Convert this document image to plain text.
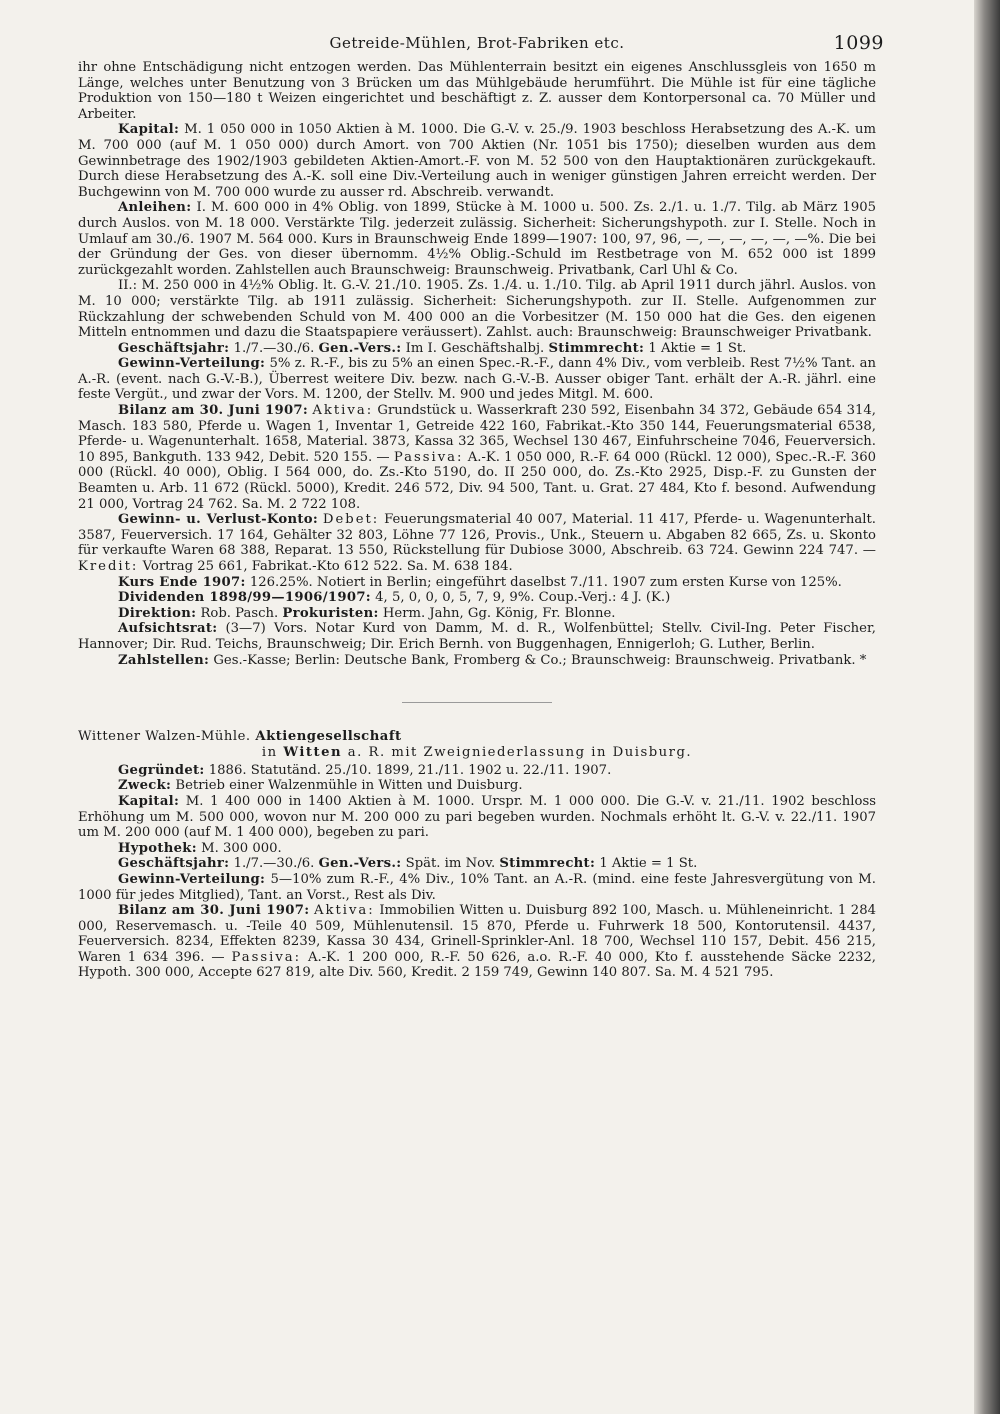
Getreide-Mühlen, Brot-Fabriken etc.	1099

ihr ohne Entschädigung nicht entzogen werden. Das Mühlenterrain besitzt ein eigenes Anschlussgleis von 1650 m Länge, welches unter Benutzung von 3 Brücken um das Mühlgebäude herumführt. Die Mühle ist für eine tägliche Produktion von 150—180 t Weizen eingerichtet und beschäftigt z. Z. ausser dem Kontorpersonal ca. 70 Müller und Arbeiter.

Kapital: M. 1 050 000 in 1050 Aktien à M. 1000. Die G.-V. v. 25./9. 1903 beschloss Herabsetzung des A.-K. um M. 700 000 (auf M. 1 050 000) durch Amort. von 700 Aktien (Nr. 1051 bis 1750); dieselben wurden aus dem Gewinnbetrage des 1902/1903 gebildeten Aktien-Amort.-F. von M. 52 500 von den Hauptaktionären zurückgekauft. Durch diese Herabsetzung des A.-K. soll eine Div.-Verteilung auch in weniger günstigen Jahren erreicht werden. Der Buchgewinn von M. 700 000 wurde zu ausser rd. Abschreib. verwandt.

Anleihen: I. M. 600 000 in 4% Oblig. von 1899, Stücke à M. 1000 u. 500. Zs. 2./1. u. 1./7. Tilg. ab März 1905 durch Auslos. von M. 18 000. Verstärkte Tilg. jederzeit zulässig. Sicherheit: Sicherungshypoth. zur I. Stelle. Noch in Umlauf am 30./6. 1907 M. 564 000. Kurs in Braunschweig Ende 1899—1907: 100, 97, 96, —, —, —, —, —, —%. Die bei der Gründung der Ges. von dieser übernomm. 4½% Oblig.-Schuld im Restbetrage von M. 652 000 ist 1899 zurückgezahlt worden. Zahlstellen auch Braunschweig: Braunschweig. Privatbank, Carl Uhl & Co.

II.: M. 250 000 in 4½% Oblig. lt. G.-V. 21./10. 1905. Zs. 1./4. u. 1./10. Tilg. ab April 1911 durch jährl. Auslos. von M. 10 000; verstärkte Tilg. ab 1911 zulässig. Sicherheit: Sicherungshypoth. zur II. Stelle. Aufgenommen zur Rückzahlung der schwebenden Schuld von M. 400 000 an die Vorbesitzer (M. 150 000 hat die Ges. den eigenen Mitteln entnommen und dazu die Staatspapiere veräussert). Zahlst. auch: Braunschweig: Braunschweiger Privatbank.

Geschäftsjahr: 1./7.—30./6. Gen.-Vers.: Im I. Geschäftshalbj. Stimmrecht: 1 Aktie = 1 St.

Gewinn-Verteilung: 5% z. R.-F., bis zu 5% an einen Spec.-R.-F., dann 4% Div., vom verbleib. Rest 7½% Tant. an A.-R. (event. nach G.-V.-B.), Überrest weitere Div. bezw. nach G.-V.-B. Ausser obiger Tant. erhält der A.-R. jährl. eine feste Vergüt., und zwar der Vors. M. 1200, der Stellv. M. 900 und jedes Mitgl. M. 600.

Bilanz am 30. Juni 1907: Aktiva: Grundstück u. Wasserkraft 230 592, Eisenbahn 34 372, Gebäude 654 314, Masch. 183 580, Pferde u. Wagen 1, Inventar 1, Getreide 422 160, Fabrikat.-Kto 350 144, Feuerungsmaterial 6538, Pferde- u. Wagenunterhalt. 1658, Material. 3873, Kassa 32 365, Wechsel 130 467, Einfuhrscheine 7046, Feuerversich. 10 895, Bankguth. 133 942, Debit. 520 155. — Passiva: A.-K. 1 050 000, R.-F. 64 000 (Rückl. 12 000), Spec.-R.-F. 360 000 (Rückl. 40 000), Oblig. I 564 000, do. Zs.-Kto 5190, do. II 250 000, do. Zs.-Kto 2925, Disp.-F. zu Gunsten der Beamten u. Arb. 11 672 (Rückl. 5000), Kredit. 246 572, Div. 94 500, Tant. u. Grat. 27 484, Kto f. besond. Aufwendung 21 000, Vortrag 24 762. Sa. M. 2 722 108.

Gewinn- u. Verlust-Konto: Debet: Feuerungsmaterial 40 007, Material. 11 417, Pferde- u. Wagenunterhalt. 3587, Feuerversich. 17 164, Gehälter 32 803, Löhne 77 126, Provis., Unk., Steuern u. Abgaben 82 665, Zs. u. Skonto für verkaufte Waren 68 388, Reparat. 13 550, Rückstellung für Dubiose 3000, Abschreib. 63 724. Gewinn 224 747. — Kredit: Vortrag 25 661, Fabrikat.-Kto 612 522. Sa. M. 638 184.

Kurs Ende 1907: 126.25%. Notiert in Berlin; eingeführt daselbst 7./11. 1907 zum ersten Kurse von 125%.

Dividenden 1898/99—1906/1907: 4, 5, 0, 0, 0, 5, 7, 9, 9%. Coup.-Verj.: 4 J. (K.)

Direktion: Rob. Pasch. Prokuristen: Herm. Jahn, Gg. König, Fr. Blonne.

Aufsichtsrat: (3—7) Vors. Notar Kurd von Damm, M. d. R., Wolfenbüttel; Stellv. Civil-Ing. Peter Fischer, Hannover; Dir. Rud. Teichs, Braunschweig; Dir. Erich Bernh. von Buggenhagen, Ennigerloh; G. Luther, Berlin.

Zahlstellen: Ges.-Kasse; Berlin: Deutsche Bank, Fromberg & Co.; Braunschweig: Braunschweig. Privatbank. *

Wittener Walzen-Mühle. Aktiengesellschaft

in Witten a. R. mit Zweigniederlassung in Duisburg.

Gegründet: 1886. Statutänd. 25./10. 1899, 21./11. 1902 u. 22./11. 1907.

Zweck: Betrieb einer Walzenmühle in Witten und Duisburg.

Kapital: M. 1 400 000 in 1400 Aktien à M. 1000. Urspr. M. 1 000 000. Die G.-V. v. 21./11. 1902 beschloss Erhöhung um M. 500 000, wovon nur M. 200 000 zu pari begeben wurden. Nochmals erhöht lt. G.-V. v. 22./11. 1907 um M. 200 000 (auf M. 1 400 000), begeben zu pari.

Hypothek: M. 300 000.

Geschäftsjahr: 1./7.—30./6. Gen.-Vers.: Spät. im Nov. Stimmrecht: 1 Aktie = 1 St.

Gewinn-Verteilung: 5—10% zum R.-F., 4% Div., 10% Tant. an A.-R. (mind. eine feste Jahresvergütung von M. 1000 für jedes Mitglied), Tant. an Vorst., Rest als Div.

Bilanz am 30. Juni 1907: Aktiva: Immobilien Witten u. Duisburg 892 100, Masch. u. Mühleneinricht. 1 284 000, Reservemasch. u. -Teile 40 509, Mühlenutensil. 15 870, Pferde u. Fuhrwerk 18 500, Kontorutensil. 4437, Feuerversich. 8234, Effekten 8239, Kassa 30 434, Grinell-Sprinkler-Anl. 18 700, Wechsel 110 157, Debit. 456 215, Waren 1 634 396. — Passiva: A.-K. 1 200 000, R.-F. 50 626, a.o. R.-F. 40 000, Kto f. ausstehende Säcke 2232, Hypoth. 300 000, Accepte 627 819, alte Div. 560, Kredit. 2 159 749, Gewinn 140 807. Sa. M. 4 521 795.
